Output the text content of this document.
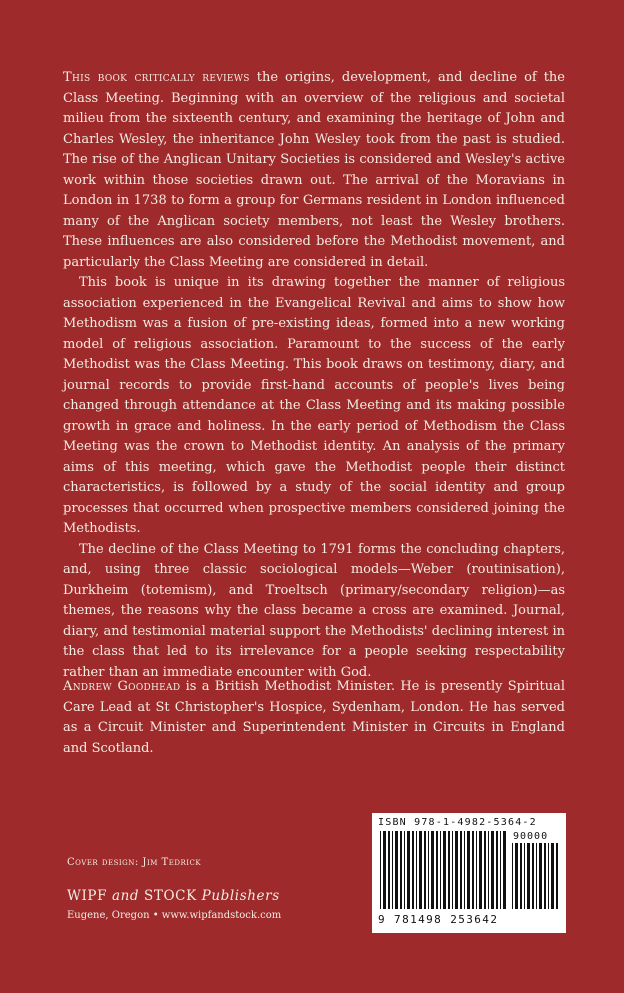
This book critically reviews the origins, development, and decline of the Class Meeting. Beginning with an overview of the religious and societal milieu from the sixteenth century, and examining the heritage of John and Charles Wesley, the inheritance John Wesley took from the past is studied. The rise of the Anglican Unitary Societies is considered and Wesley's active work within those societies drawn out. The arrival of the Moravians in London in 1738 to form a group for Germans resident in London influenced many of the Anglican society members, not least the Wesley brothers. These influences are also considered before the Methodist movement, and particularly the Class Meeting are considered in detail.

This book is unique in its drawing together the manner of religious association experienced in the Evangelical Revival and aims to show how Methodism was a fusion of pre-existing ideas, formed into a new working model of religious association. Paramount to the success of the early Methodist was the Class Meeting. This book draws on testimony, diary, and journal records to provide first-hand accounts of people's lives being changed through attendance at the Class Meeting and its making possible growth in grace and holiness. In the early period of Methodism the Class Meeting was the crown to Methodist identity. An analysis of the primary aims of this meeting, which gave the Methodist people their distinct characteristics, is followed by a study of the social identity and group processes that occurred when prospective members considered joining the Methodists.

The decline of the Class Meeting to 1791 forms the concluding chapters, and, using three classic sociological models—Weber (routinisation), Durkheim (totemism), and Troeltsch (primary/secondary religion)—as themes, the reasons why the class became a cross are examined. Journal, diary, and testimonial material support the Methodists' declining interest in the class that led to its irrelevance for a people seeking respectability rather than an immediate encounter with God.

Andrew Goodhead is a British Methodist Minister. He is presently Spiritual Care Lead at St Christopher's Hospice, Sydenham, London. He has served as a Circuit Minister and Superintendent Minister in Circuits in England and Scotland.

Cover design: Jim Tedrick
WIPF and STOCK Publishers
Eugene, Oregon • www.wipfandstock.com
ISBN 978-1-4982-5364-2
90000
9 781498 253642
